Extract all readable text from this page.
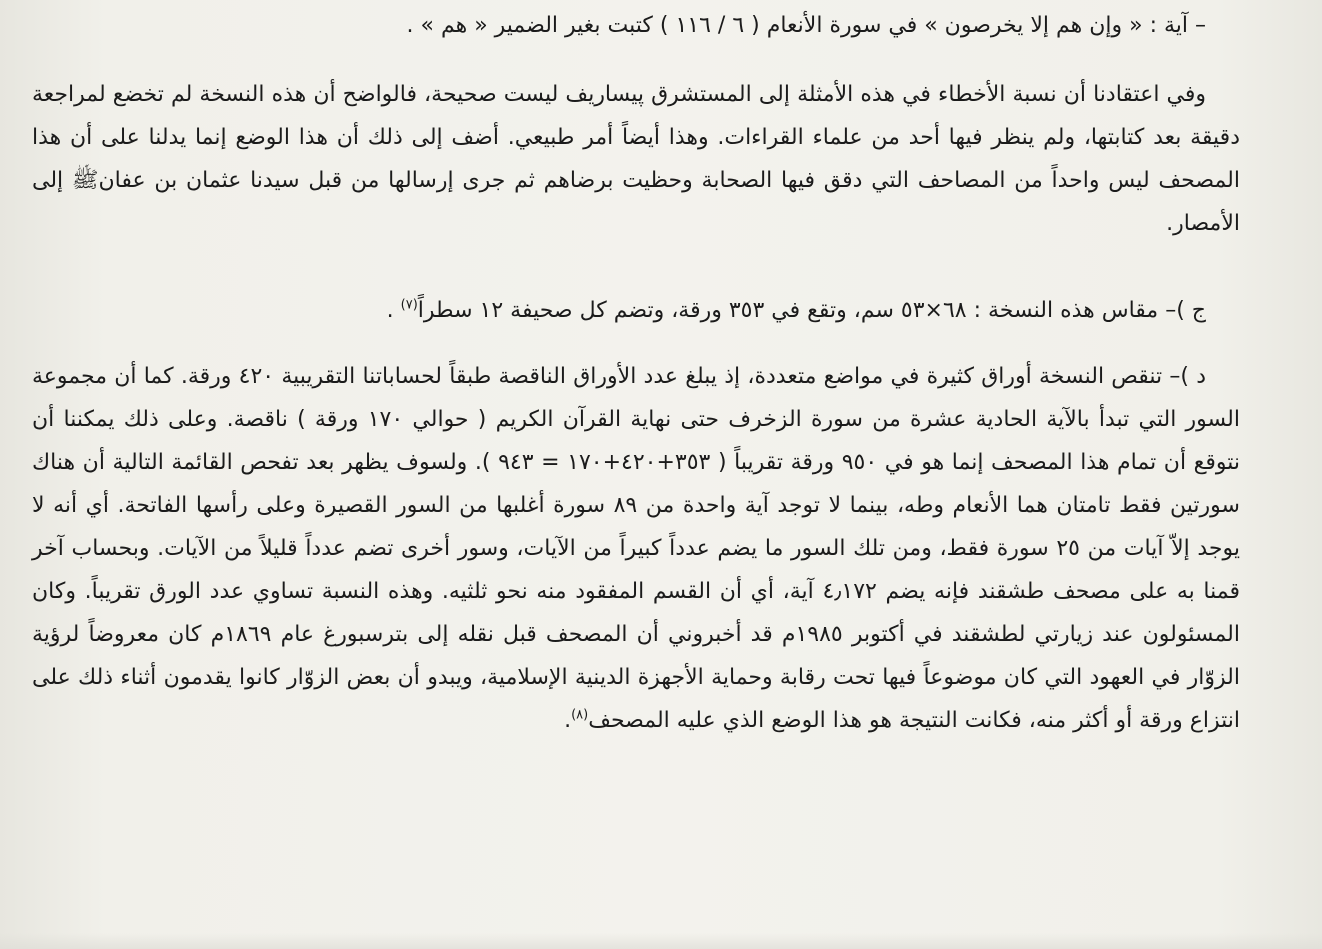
– آية : « وإن هم إلا يخرصون » في سورة الأنعام ( ٦ / ١١٦ ) كتبت بغير الضمير « هم » .

وفي اعتقادنا أن نسبة الأخطاء في هذه الأمثلة إلى المستشرق پيساريف ليست صحيحة، فالواضح أن هذه النسخة لم تخضع لمراجعة دقيقة بعد كتابتها، ولم ينظر فيها أحد من علماء القراءات. وهذا أيضاً أمر طبيعي. أضف إلى ذلك أن هذا الوضع إنما يدلنا على أن هذا المصحف ليس واحداً من المصاحف التي دقق فيها الصحابة وحظيت برضاهم ثم جرى إرسالها من قبل سيدنا عثمان بن عفانﷺ إلى الأمصار.

ج )– مقاس هذه النسخة : ٦٨×٥٣ سم، وتقع في ٣٥٣ ورقة، وتضم كل صحيفة ١٢ سطراً$^{(٧)}$ .

د )– تنقص النسخة أوراق كثيرة في مواضع متعددة، إذ يبلغ عدد الأوراق الناقصة طبقاً لحساباتنا التقريبية ٤٢٠ ورقة. كما أن مجموعة السور التي تبدأ بالآية الحادية عشرة من سورة الزخرف حتى نهاية القرآن الكريم ( حوالي ١٧٠ ورقة ) ناقصة. وعلى ذلك يمكننا أن نتوقع أن تمام هذا المصحف إنما هو في ٩٥٠ ورقة تقريباً ( ٣٥٣+٤٢٠+١٧٠ = ٩٤٣ ). ولسوف يظهر بعد تفحص القائمة التالية أن هناك سورتين فقط تامتان هما الأنعام وطه، بينما لا توجد آية واحدة من ٨٩ سورة أغلبها من السور القصيرة وعلى رأسها الفاتحة. أي أنه لا يوجد إلاّ آيات من ٢٥ سورة فقط، ومن تلك السور ما يضم عدداً كبيراً من الآيات، وسور أخرى تضم عدداً قليلاً من الآيات. وبحساب آخر قمنا به على مصحف طشقند فإنه يضم ٤٫١٧٢ آية، أي أن القسم المفقود منه نحو ثلثيه. وهذه النسبة تساوي عدد الورق تقريباً. وكان المسئولون عند زيارتي لطشقند في أكتوبر ١٩٨٥م قد أخبروني أن المصحف قبل نقله إلى بترسبورغ عام ١٨٦٩م كان معروضاً لرؤية الزوّار في العهود التي كان موضوعاً فيها تحت رقابة وحماية الأجهزة الدينية الإسلامية، ويبدو أن بعض الزوّار كانوا يقدمون أثناء ذلك على انتزاع ورقة أو أكثر منه، فكانت النتيجة هو هذا الوضع الذي عليه المصحف$^{(٨)}$.
